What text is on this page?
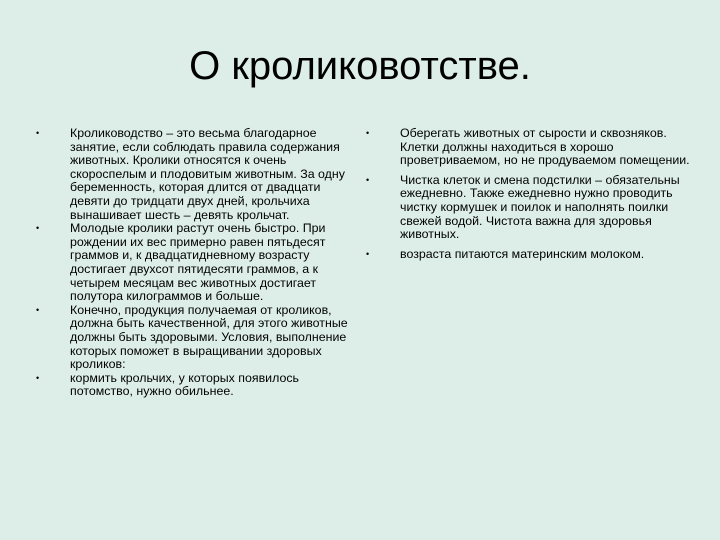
О кроликовотстве.
•	Кролиководство – это весьма благодарное занятие, если соблюдать правила содержания животных. Кролики относятся к очень скороспелым и плодовитым животным. За одну беременность, которая длится от двадцати девяти до тридцати двух дней, крольчиха вынашивает шесть – девять крольчат.
•	Молодые кролики растут очень быстро. При рождении их вес примерно равен пятьдесят граммов и, к двадцатидневному возрасту достигает двухсот пятидесяти граммов, а к четырем месяцам вес животных достигает полутора килограммов и больше.
•	Конечно, продукция получаемая от кроликов, должна быть качественной, для этого животные должны быть здоровыми. Условия, выполнение которых поможет в выращивании здоровых кроликов:
•	кормить крольчих, у которых появилось потомство, нужно обильнее.
•	Оберегать животных от сырости и сквозняков. Клетки должны находиться в хорошо проветриваемом, но не продуваемом помещении.
•	Чистка клеток и смена подстилки – обязательны ежедневно. Также ежедневно нужно проводить чистку кормушек и поилок и наполнять поилки свежей водой. Чистота важна для здоровья животных.
•	возраста питаются материнским молоком.
